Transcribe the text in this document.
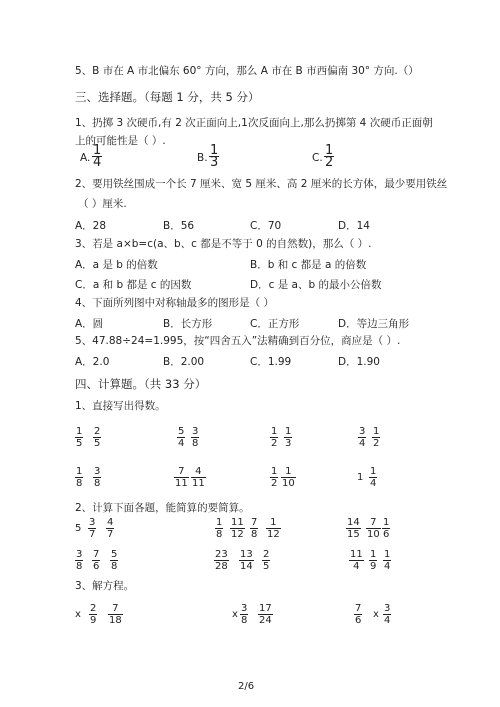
5、B 市在 A 市北偏东 60° 方向，那么 A 市在 B 市西偏南 30° 方向.（）
三、选择题。（每题 1 分，共 5 分）
1、扔掷 3 次硬币,有 2 次正面向上,1 次反面向上,那么扔掷第 4 次硬币正面朝
上的可能性是（ ）.
A. $\frac{1}{4}$	B. $\frac{1}{3}$	C. $\frac{1}{2}$
2、要用铁丝围成一个长 7 厘米、宽 5 厘米、高 2 厘米的长方体，最少要用铁丝
（ ）厘米.
A．28	B．56	C．70	D．14
3、若是 a×b=c(a、b、c 都是不等于 0 的自然数)，那么（ ）.
A．a 是 b 的倍数	B．b 和 c 都是 a 的倍数
C．a 和 b 都是 c 的因数	D．c 是 a、b 的最小公倍数
4、下面所列图中对称轴最多的图形是（ ）
A．圆	B．长方形	C．正方形	D．等边三角形
5、47.88÷24=1.995，按“四舍五入”法精确到百分位，商应是（ ）.
A．2.0	B．2.00	C．1.99	D．1.90
四、计算题。（共 33 分）
1、直接写出得数。
$\frac{1}{5} \frac{2}{5}$	$\frac{5}{4} \frac{3}{8}$	$\frac{1}{2} \frac{1}{3}$	$\frac{3}{4} \frac{1}{2}$
$\frac{1}{8} \frac{3}{8}$	$\frac{7}{11} \frac{4}{11}$	$\frac{1}{2} \frac{1}{10}$	$1 \frac{1}{4}$
2、计算下面各题，能简算的要简算。
$5 \frac{3}{7} \frac{4}{7}$	$\frac{1}{8} \frac{11}{12} \frac{7}{8} \frac{1}{12}$	$\frac{14}{15} \frac{7}{10} \frac{1}{6}$
$\frac{3}{8} \frac{7}{6} \frac{5}{8}$	$\frac{23}{28} \frac{13}{14} \frac{2}{5}$	$\frac{11}{4} \frac{1}{9} \frac{1}{4}$
3、解方程。
x $\frac{2}{9} \frac{7}{18}$	x $\frac{3}{8} \frac{17}{24}$	$\frac{7}{6}$ x $\frac{3}{4}$
2/6
